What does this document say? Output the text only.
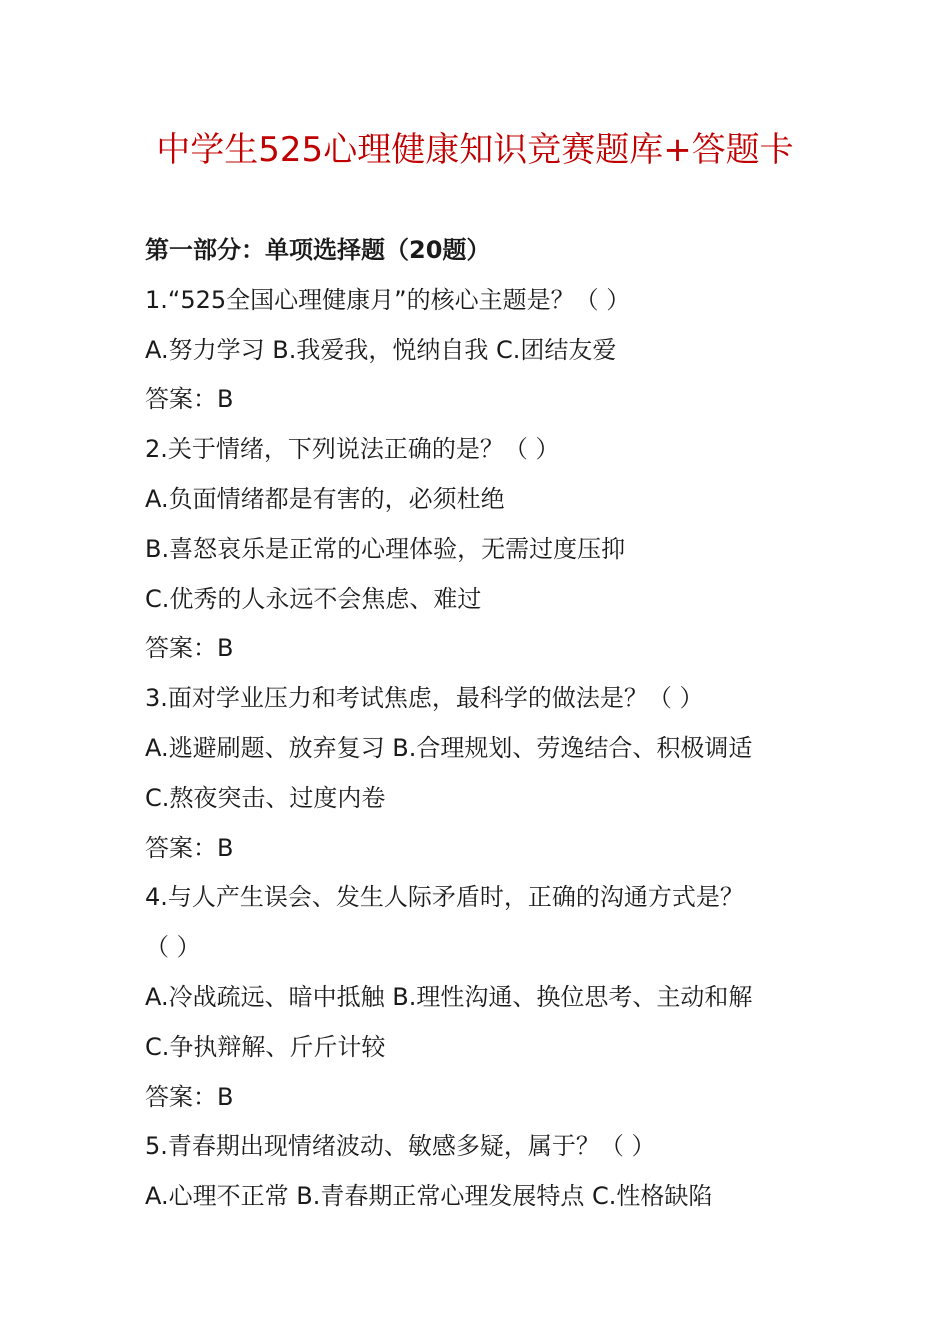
中学生525心理健康知识竞赛题库+答题卡

第一部分：单项选择题（20题）

1.“525全国心理健康月”的核心主题是？（ ）

A.努力学习 B.我爱我，悦纳自我 C.团结友爱

答案：B

2.关于情绪，下列说法正确的是？（ ）

A.负面情绪都是有害的，必须杜绝

B.喜怒哀乐是正常的心理体验，无需过度压抑

C.优秀的人永远不会焦虑、难过

答案：B

3.面对学业压力和考试焦虑，最科学的做法是？（ ）

A.逃避刷题、放弃复习 B.合理规划、劳逸结合、积极调适

C.熬夜突击、过度内卷

答案：B

4.与人产生误会、发生人际矛盾时，正确的沟通方式是？

（ ）

A.冷战疏远、暗中抵触 B.理性沟通、换位思考、主动和解

C.争执辩解、斤斤计较

答案：B

5.青春期出现情绪波动、敏感多疑，属于？（ ）

A.心理不正常 B.青春期正常心理发展特点 C.性格缺陷
